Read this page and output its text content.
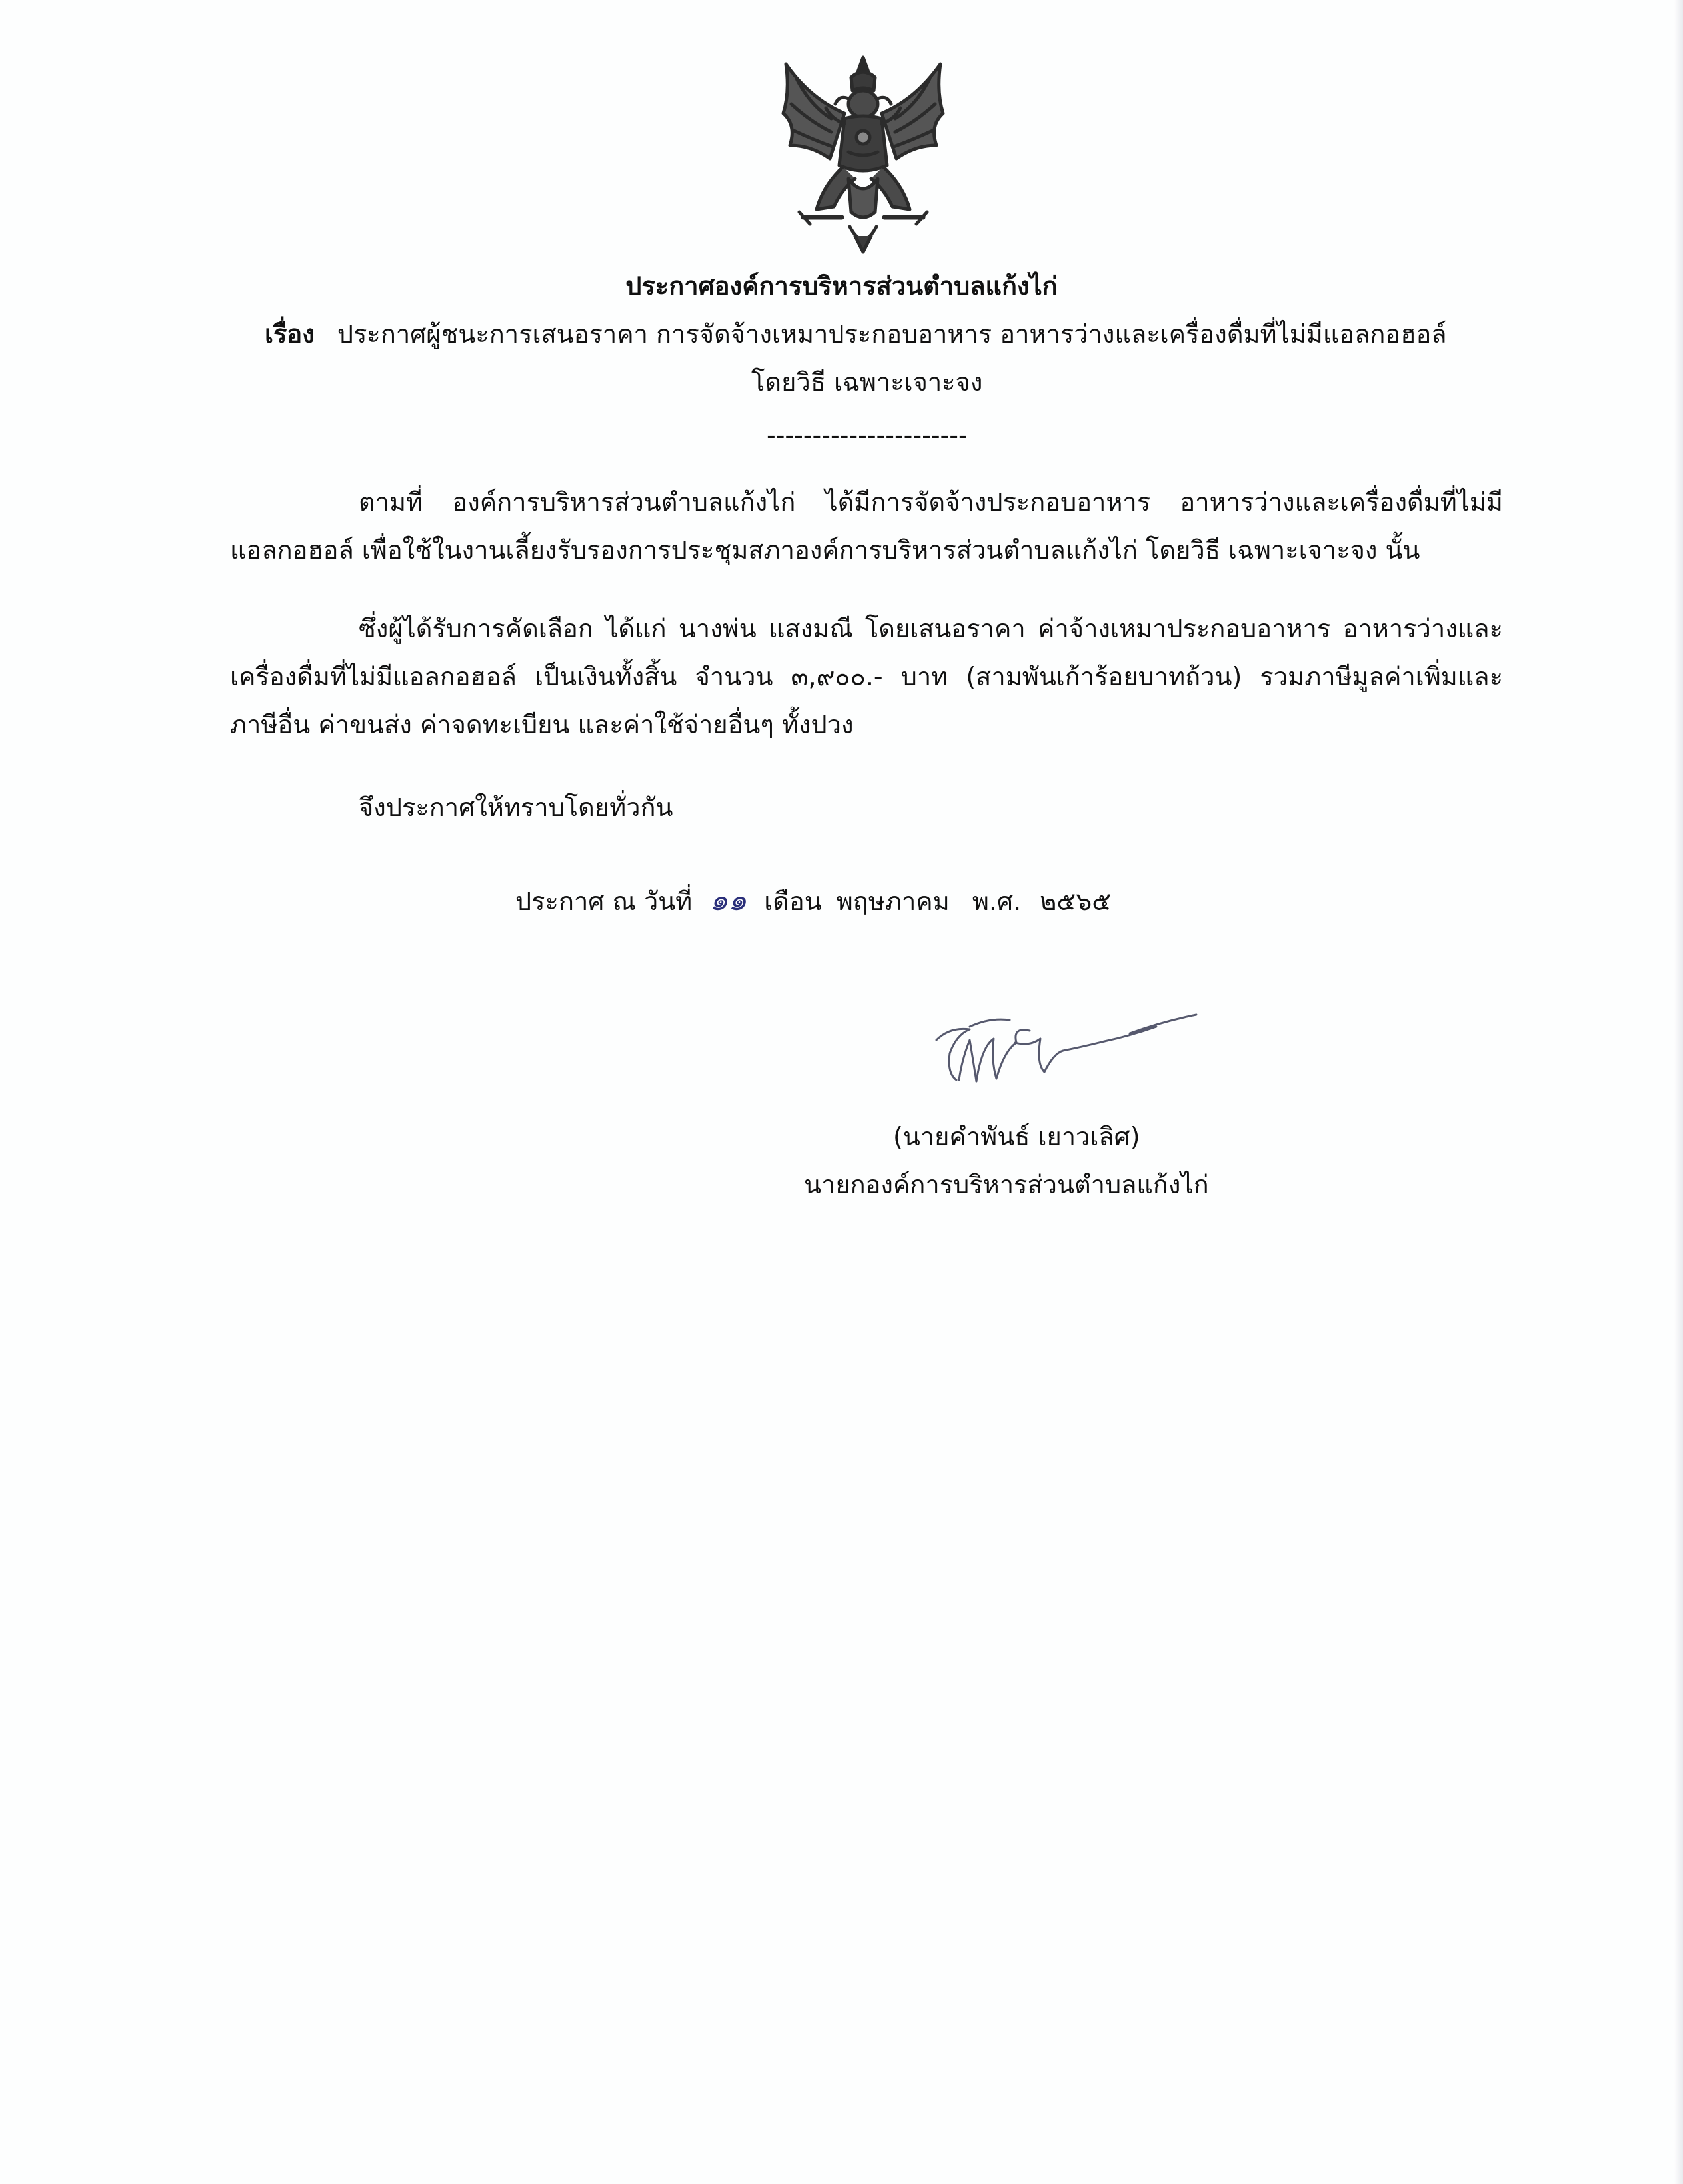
ประกาศองค์การบริหารส่วนตำบลแก้งไก่
เรื่อง ประกาศผู้ชนะการเสนอราคา การจัดจ้างเหมาประกอบอาหาร อาหารว่างและเครื่องดื่มที่ไม่มีแอลกอฮอล์
โดยวิธี เฉพาะเจาะจง
----------------------
ตามที่ องค์การบริหารส่วนตำบลแก้งไก่ ได้มีการจัดจ้างประกอบอาหาร อาหารว่างและเครื่องดื่มที่ไม่มี
แอลกอฮอล์ เพื่อใช้ในงานเลี้ยงรับรองการประชุมสภาองค์การบริหารส่วนตำบลแก้งไก่ โดยวิธี เฉพาะเจาะจง นั้น
ซึ่งผู้ได้รับการคัดเลือก ได้แก่ นางพ่น แสงมณี โดยเสนอราคา ค่าจ้างเหมาประกอบอาหาร อาหารว่างและ
เครื่องดื่มที่ไม่มีแอลกอฮอล์ เป็นเงินทั้งสิ้น จำนวน ๓,๙๐๐.- บาท (สามพันเก้าร้อยบาทถ้วน) รวมภาษีมูลค่าเพิ่มและ
ภาษีอื่น ค่าขนส่ง ค่าจดทะเบียน และค่าใช้จ่ายอื่นๆ ทั้งปวง
จึงประกาศให้ทราบโดยทั่วกัน
ประกาศ ณ วันที่ ๑๑ เดือน พฤษภาคม พ.ศ. ๒๕๖๕
(นายคำพันธ์ เยาวเลิศ)
นายกองค์การบริหารส่วนตำบลแก้งไก่
